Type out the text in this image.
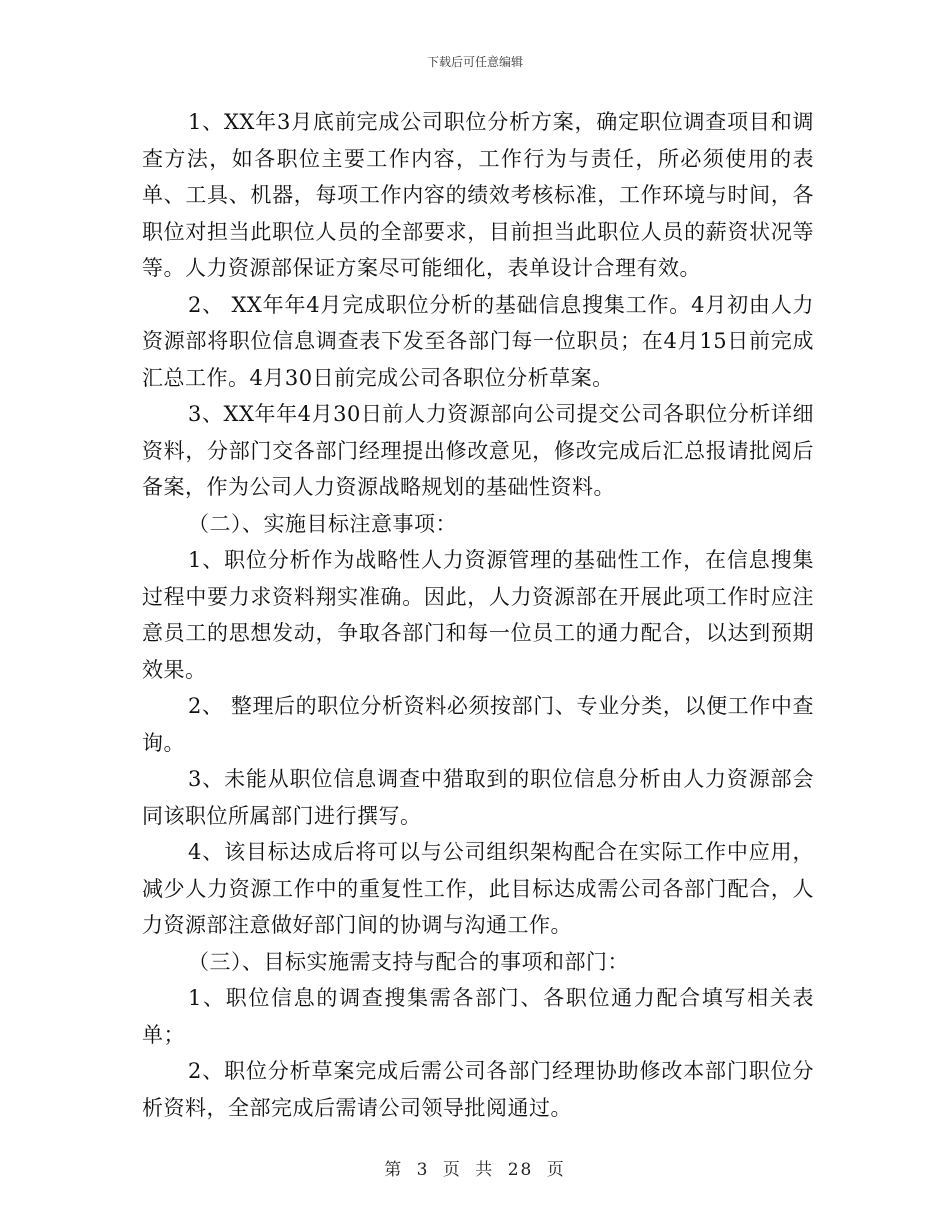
下载后可任意编辑

1、XX年3月底前完成公司职位分析方案，确定职位调查项目和调查方法，如各职位主要工作内容，工作行为与责任，所必须使用的表单、工具、机器，每项工作内容的绩效考核标准，工作环境与时间，各职位对担当此职位人员的全部要求，目前担当此职位人员的薪资状况等等。人力资源部保证方案尽可能细化，表单设计合理有效。

2、 XX年年4月完成职位分析的基础信息搜集工作。4月初由人力资源部将职位信息调查表下发至各部门每一位职员；在4月15日前完成汇总工作。4月30日前完成公司各职位分析草案。

3、XX年年4月30日前人力资源部向公司提交公司各职位分析详细资料，分部门交各部门经理提出修改意见，修改完成后汇总报请批阅后备案，作为公司人力资源战略规划的基础性资料。

（二）、实施目标注意事项：

1、职位分析作为战略性人力资源管理的基础性工作，在信息搜集过程中要力求资料翔实准确。因此，人力资源部在开展此项工作时应注意员工的思想发动，争取各部门和每一位员工的通力配合，以达到预期效果。

2、 整理后的职位分析资料必须按部门、专业分类，以便工作中查询。

3、未能从职位信息调查中猎取到的职位信息分析由人力资源部会同该职位所属部门进行撰写。

4、该目标达成后将可以与公司组织架构配合在实际工作中应用，减少人力资源工作中的重复性工作，此目标达成需公司各部门配合，人力资源部注意做好部门间的协调与沟通工作。

（三）、目标实施需支持与配合的事项和部门：

1、职位信息的调查搜集需各部门、各职位通力配合填写相关表单；

2、职位分析草案完成后需公司各部门经理协助修改本部门职位分析资料，全部完成后需请公司领导批阅通过。

第 3 页 共 28 页
